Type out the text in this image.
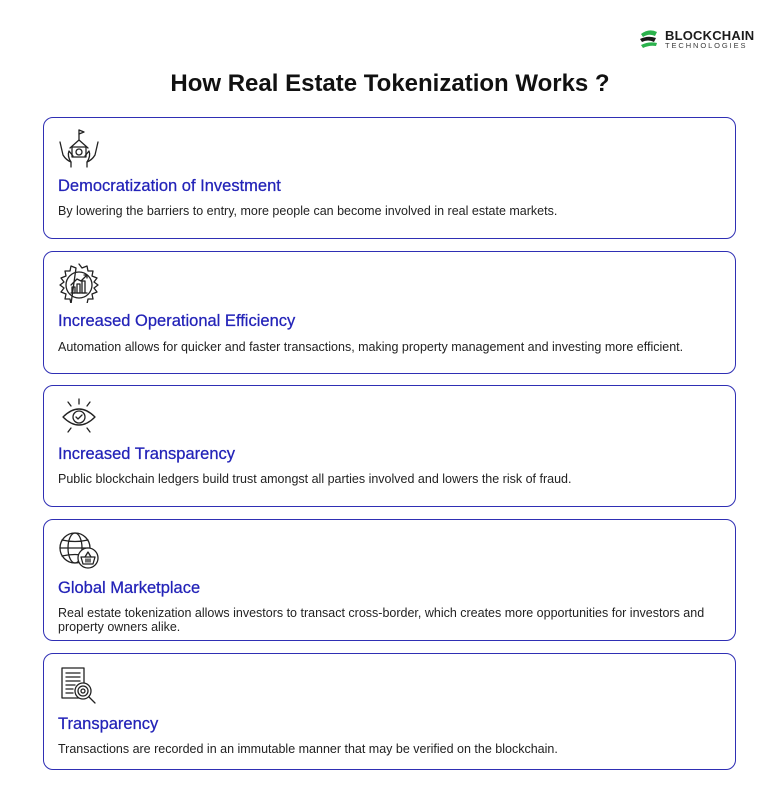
BLOCKCHAIN
TECHNOLOGIES
How Real Estate Tokenization Works ?
Democratization of Investment

By lowering the barriers to entry, more people can become involved in real estate markets.

Increased Operational Efficiency

Automation allows for quicker and faster transactions, making property management and investing more efficient.

Increased Transparency

Public blockchain ledgers build trust amongst all parties involved and lowers the risk of fraud.

Global Marketplace

Real estate tokenization allows investors to transact cross-border, which creates more opportunities for investors and property owners alike.

Transparency

Transactions are recorded in an immutable manner that may be verified on the blockchain.
